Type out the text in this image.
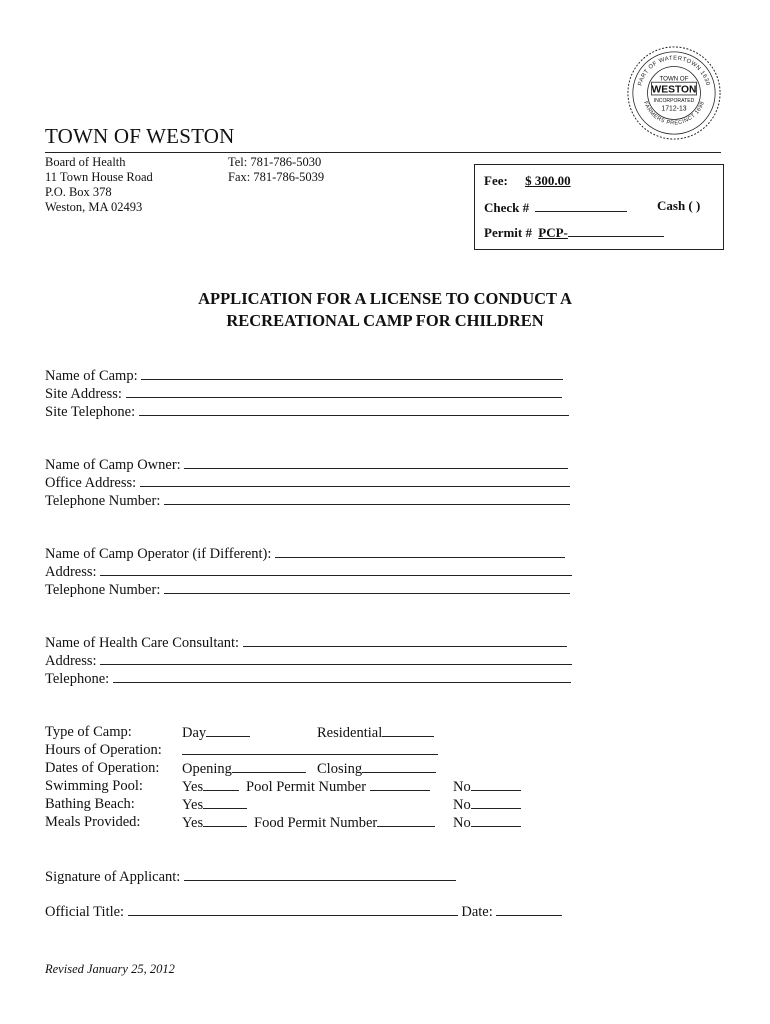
PART OF WATERTOWN 1630
FARMERS PRECINCT 1698
TOWN OF
WESTON
INCORPORATED
1712-13
TOWN OF WESTON
Board of Health
11 Town House Road
P.O. Box 378
Weston, MA 02493
Tel: 781-786-5030
Fax: 781-786-5039	Fee: $ 300.00
Check #	Cash ( )
Permit # PCP-
APPLICATION FOR A LICENSE TO CONDUCT A
RECREATIONAL CAMP FOR CHILDREN
Name of Camp:
Site Address:
Site Telephone:
Name of Camp Owner:
Office Address:
Telephone Number:
Name of Camp Operator (if Different):
Address:
Telephone Number:
Name of Health Care Consultant:
Address:
Telephone:
Type of Camp:	Day	Residential
Hours of Operation:
Dates of Operation: Opening	Closing
Swimming Pool:	Yes	Pool Permit Number	No
Bathing Beach:	Yes	No
Meals Provided:	Yes	Food Permit Number	No
Signature of Applicant:
Official Title:	Date:
Revised January 25, 2012
